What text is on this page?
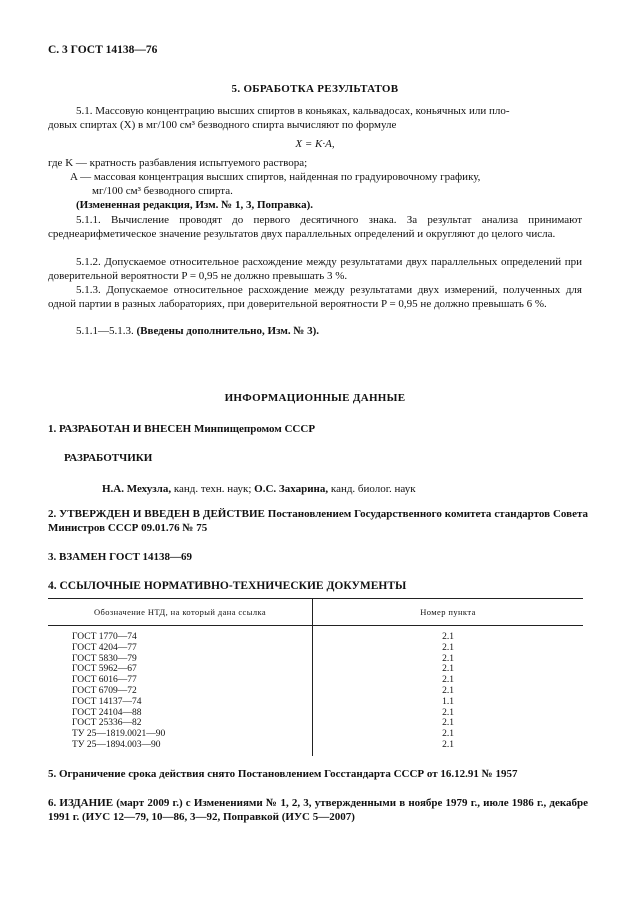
С. 3 ГОСТ 14138—76
5. ОБРАБОТКА РЕЗУЛЬТАТОВ

5.1. Массовую концентрацию высших спиртов в коньяках, кальвадосах, коньячных или пло-
довых спиртах (X) в мг/100 см³ безводного спирта вычисляют по формуле

X = K·A,
где K — кратность разбавления испытуемого раствора;
A — массовая концентрация высших спиртов, найденная по градуировочному графику,
мг/100 см³ безводного спирта.
(Измененная редакция, Изм. № 1, 3, Поправка).

5.1.1. Вычисление проводят до первого десятичного знака. За результат анализа принимают среднеарифметическое значение результатов двух параллельных определений и округляют до целого числа.

5.1.2. Допускаемое относительное расхождение между результатами двух параллельных определений при доверительной вероятности P = 0,95 не должно превышать 3 %.

5.1.3. Допускаемое относительное расхождение между результатами двух измерений, полученных для одной партии в разных лабораториях, при доверительной вероятности P = 0,95 не должно превышать 6 %.

5.1.1—5.1.3. (Введены дополнительно, Изм. № 3).
ИНФОРМАЦИОННЫЕ ДАННЫЕ
1. РАЗРАБОТАН И ВНЕСЕН Минпищепромом СССР
РАЗРАБОТЧИКИ
Н.А. Мехузла, канд. техн. наук; О.С. Захарина, канд. биолог. наук
2. УТВЕРЖДЕН И ВВЕДЕН В ДЕЙСТВИЕ Постановлением Государственного комитета стандартов Совета Министров СССР 09.01.76 № 75
3. ВЗАМЕН ГОСТ 14138—69
4. ССЫЛОЧНЫЕ НОРМАТИВНО-ТЕХНИЧЕСКИЕ ДОКУМЕНТЫ
Обозначение НТД, на который дана ссылка	Номер пункта

ГОСТ 1770—74	2.1
ГОСТ 4204—77	2.1
ГОСТ 5830—79	2.1
ГОСТ 5962—67	2.1
ГОСТ 6016—77	2.1
ГОСТ 6709—72	2.1
ГОСТ 14137—74	1.1
ГОСТ 24104—88	2.1
ГОСТ 25336—82	2.1
ТУ 25—1819.0021—90	2.1
ТУ 25—1894.003—90	2.1

5. Ограничение срока действия снято Постановлением Госстандарта СССР от 16.12.91 № 1957
6. ИЗДАНИЕ (март 2009 г.) с Изменениями № 1, 2, 3, утвержденными в ноябре 1979 г., июле 1986 г., декабре 1991 г. (ИУС 12—79, 10—86, 3—92, Поправкой (ИУС 5—2007)
